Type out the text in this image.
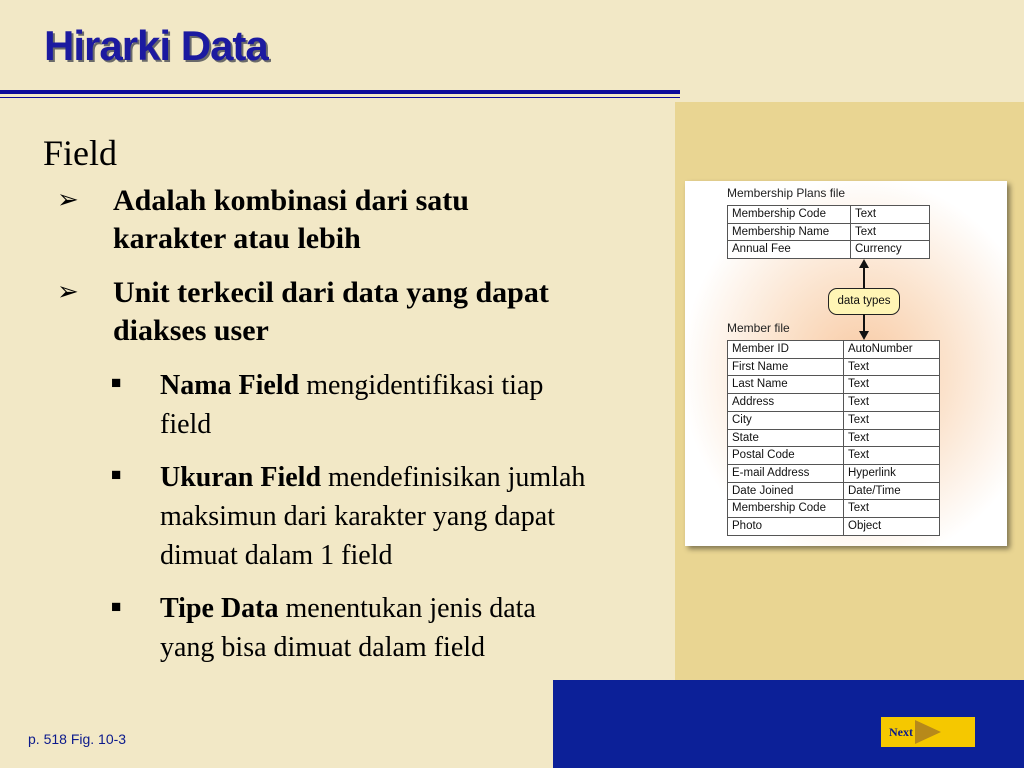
Hirarki Data
Field
➢ Adalah kombinasi dari satu
karakter atau lebih
➢ Unit terkecil dari data yang dapat
diakses user
■ Nama Field mengidentifikasi tiap
field
■ Ukuran Field mendefinisikan jumlah
maksimun dari karakter yang dapat
dimuat dalam 1 field
■ Tipe Data menentukan jenis data
yang bisa dimuat dalam field
Membership Plans file
Membership Code	Text
Membership Name	Text
Annual Fee	Currency
data types
Member file
Member ID	AutoNumber
First Name	Text
Last Name	Text
Address	Text
City	Text
State	Text
Postal Code	Text
E-mail Address	Hyperlink
Date Joined	Date/Time
Membership Code	Text
Photo	Object
p. 518 Fig. 10-3	Next
